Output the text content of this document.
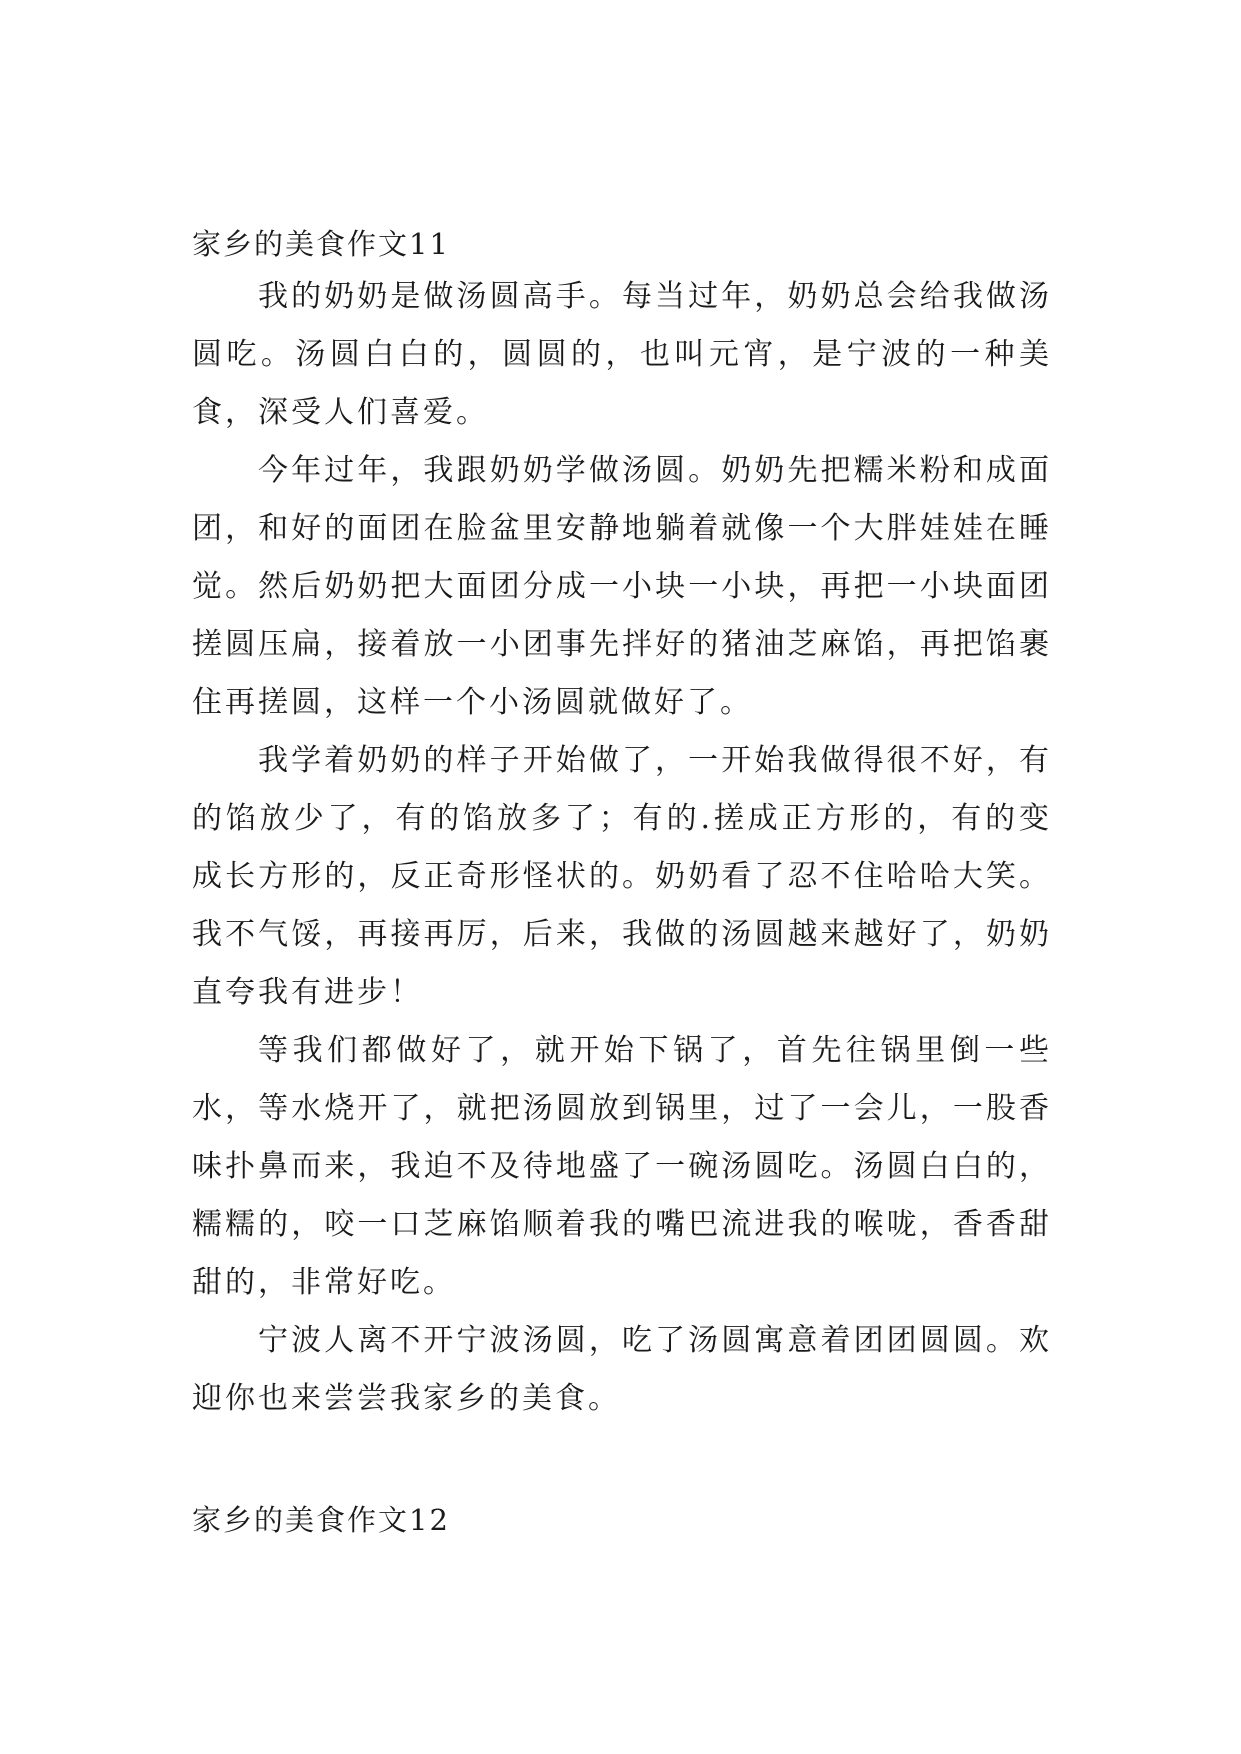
家乡的美食作文11

我的奶奶是做汤圆高手。每当过年，奶奶总会给我做汤圆吃。汤圆白白的，圆圆的，也叫元宵，是宁波的一种美食，深受人们喜爱。

今年过年，我跟奶奶学做汤圆。奶奶先把糯米粉和成面团，和好的面团在脸盆里安静地躺着就像一个大胖娃娃在睡觉。然后奶奶把大面团分成一小块一小块，再把一小块面团搓圆压扁，接着放一小团事先拌好的猪油芝麻馅，再把馅裹住再搓圆，这样一个小汤圆就做好了。

我学着奶奶的样子开始做了，一开始我做得很不好，有的馅放少了，有的馅放多了；有的.搓成正方形的，有的变成长方形的，反正奇形怪状的。奶奶看了忍不住哈哈大笑。我不气馁，再接再厉，后来，我做的汤圆越来越好了，奶奶直夸我有进步！

等我们都做好了，就开始下锅了，首先往锅里倒一些水，等水烧开了，就把汤圆放到锅里，过了一会儿，一股香味扑鼻而来，我迫不及待地盛了一碗汤圆吃。汤圆白白的，糯糯的，咬一口芝麻馅顺着我的嘴巴流进我的喉咙，香香甜甜的，非常好吃。

宁波人离不开宁波汤圆，吃了汤圆寓意着团团圆圆。欢迎你也来尝尝我家乡的美食。

家乡的美食作文12
